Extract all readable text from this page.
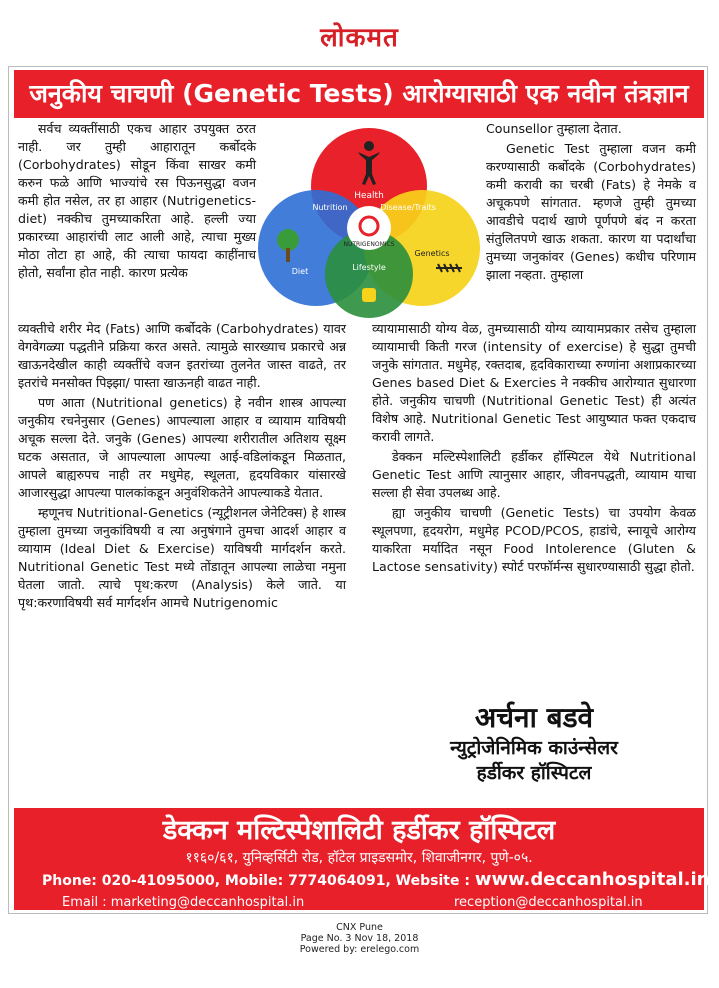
लोकमत
जनुकीय चाचणी (Genetic Tests) आरोग्यासाठी एक नवीन तंत्रज्ञान

सर्वच व्यक्तींसाठी एकच आहार उपयुक्त ठरत नाही. जर तुम्ही आहारातून कर्बोदके (Corbohydrates) सोडून किंवा साखर कमी करुन फळे आणि भाज्यांचे रस पिऊनसुद्धा वजन कमी होत नसेल, तर हा आहार (Nutrigenetics-diet) नक्कीच तुमच्याकरिता आहे. हल्ली ज्या प्रकारच्या आहारांची लाट आली आहे, त्याचा मुख्य मोठा तोटा हा आहे, की त्याचा फायदा काहींनाच होतो, सर्वांना होत नाही. कारण प्रत्येक

Health
Nutrition	Disease/Traits
NUTRIGENOMICS
Diet	Lifestyle
Genetics

Counsellor तुम्हाला देतात.

Genetic Test तुम्हाला वजन कमी करण्यासाठी कर्बोदके (Corbohydrates) कमी करावी का चरबी (Fats) हे नेमके व अचूकपणे सांगतात. म्हणजे तुम्ही तुमच्या आवडीचे पदार्थ खाणे पूर्णपणे बंद न करता संतुलितपणे खाऊ शकता. कारण या पदार्थांचा तुमच्या जनुकांवर (Genes) कधीच परिणाम झाला नव्हता. तुम्हाला

व्यक्तीचे शरीर मेद (Fats) आणि कर्बोदके (Carbohydrates) यावर वेगवेगळ्या पद्धतीने प्रक्रिया करत असते. त्यामुळे सारख्याच प्रकारचे अन्न खाऊनदेखील काही व्यक्तींचे वजन इतरांच्या तुलनेत जास्त वाढते, तर इतरांचे मनसोक्त पिझ्झा/ पास्ता खाऊनही वाढत नाही.

पण आता (Nutritional genetics) हे नवीन शास्त्र आपल्या जनुकीय रचनेनुसार (Genes) आपल्याला आहार व व्यायाम याविषयी अचूक सल्ला देते. जनुके (Genes) आपल्या शरीरातील अतिशय सूक्ष्म घटक असतात, जे आपल्याला आपल्या आई-वडिलांकडून मिळतात, आपले बाह्यरुपच नाही तर मधुमेह, स्थूलता, हृदयविकार यांसारखे आजारसुद्धा आपल्या पालकांकडून अनुवंशिकतेने आपल्याकडे येतात.

म्हणूनच Nutritional-Genetics (न्यूट्रीशनल जेनेटिक्स) हे शास्त्र तुम्हाला तुमच्या जनुकांविषयी व त्या अनुषंगाने तुमचा आदर्श आहार व व्यायाम (Ideal Diet & Exercise) याविषयी मार्गदर्शन करते. Nutritional Genetic Test मध्ये तोंडातून आपल्या लाळेचा नमुना घेतला जातो. त्याचे पृथ:करण (Analysis) केले जाते. या पृथ:करणाविषयी सर्व मार्गदर्शन आमचे Nutrigenomic

व्यायामासाठी योग्य वेळ, तुमच्यासाठी योग्य व्यायामप्रकार तसेच तुम्हाला व्यायामाची किती गरज (intensity of exercise) हे सुद्धा तुमची जनुके सांगतात. मधुमेह, रक्तदाब, हृदविकाराच्या रुग्णांना अशाप्रकारच्या Genes based Diet & Exercies ने नक्कीच आरोग्यात सुधारणा होते. जनुकीय चाचणी (Nutritional Genetic Test) ही अत्यंत विशेष आहे. Nutritional Genetic Test आयुष्यात फक्त एकदाच करावी लागते.

डेक्कन मल्टिस्पेशालिटी हर्डीकर हॉस्पिटल येथे Nutritional Genetic Test आणि त्यानुसार आहार, जीवनपद्धती, व्यायाम याचा सल्ला ही सेवा उपलब्ध आहे.

ह्या जनुकीय चाचणी (Genetic Tests) चा उपयोग केवळ स्थूलपणा, हृदयरोग, मधुमेह PCOD/PCOS, हाडांचे, स्नायूचे आरोग्य याकरिता मर्यादित नसून Food Intolerence (Gluten & Lactose sensativity) स्पोर्ट परफॉर्मन्स सुधारण्यासाठी सुद्धा होतो.

अर्चना बडवे
न्युट्रोजेनिमिक काउंन्सेलर
हर्डीकर हॉस्पिटल
डेक्कन मल्टिस्पेशालिटी हर्डीकर हॉस्पिटल
११६०/६१, युनिव्हर्सिटी रोड, हॉटेल प्राइडसमोर, शिवाजीनगर, पुणे-०५.
Phone: 020-41095000, Mobile: 7774064091, Website : www.deccanhospital.in
Email : marketing@deccanhospital.in	reception@deccanhospital.in
CNX Pune
Page No. 3 Nov 18, 2018
Powered by: erelego.com
